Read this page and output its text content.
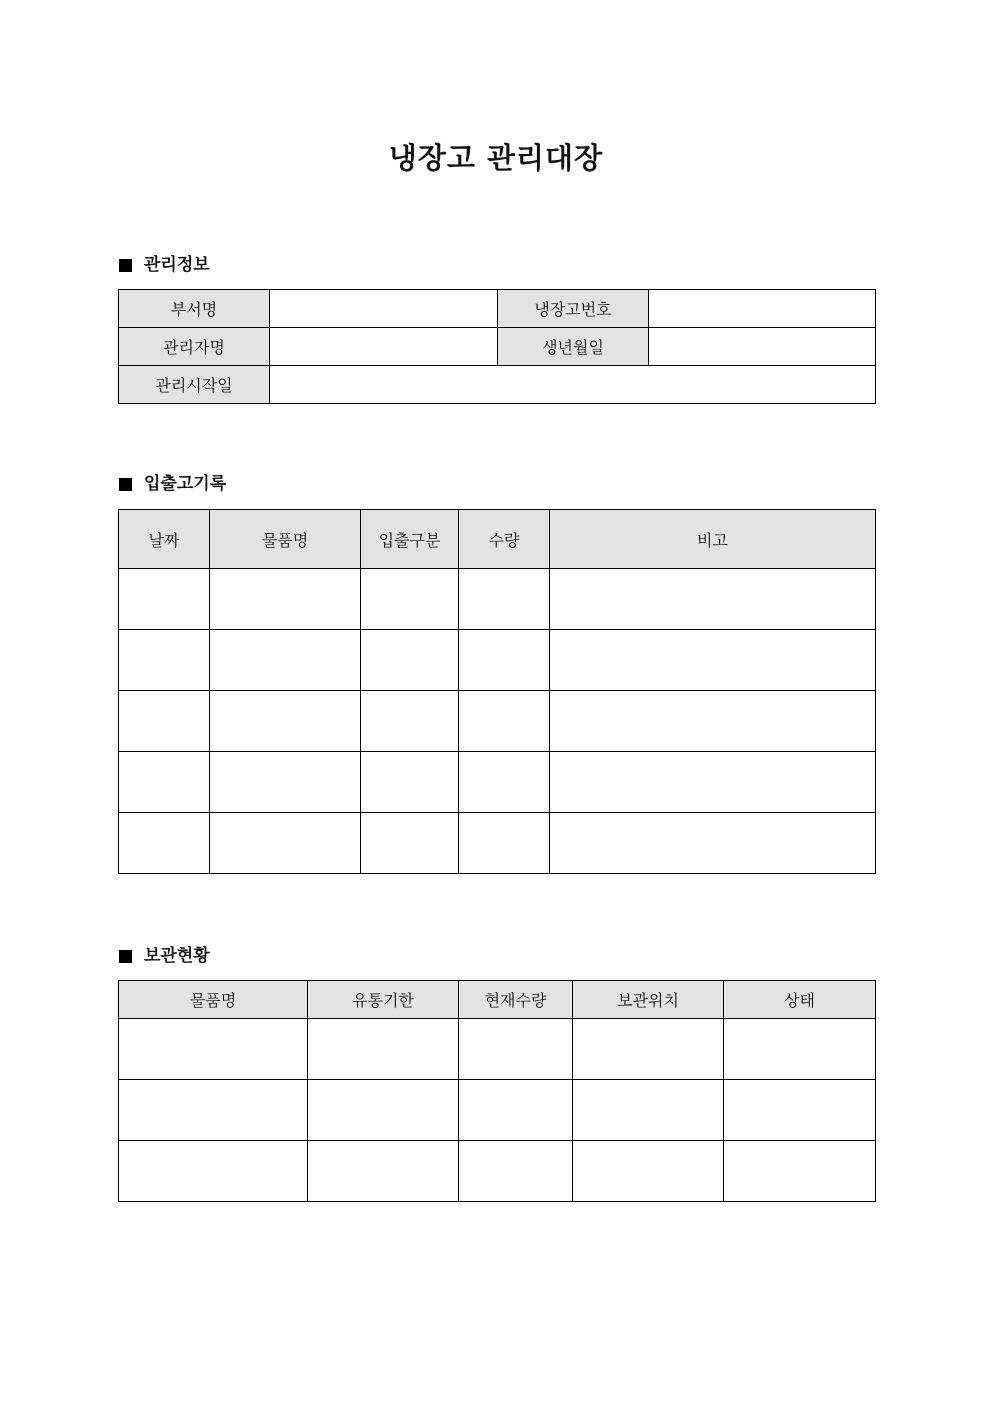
냉장고 관리대장
관리정보
부서명		냉장고번호	
관리자명		생년월일	
관리시작일			
입출고기록
날짜	물품명	입출구분	수량	비고

보관현황
물품명	유통기한	현재수량	보관위치	상태
